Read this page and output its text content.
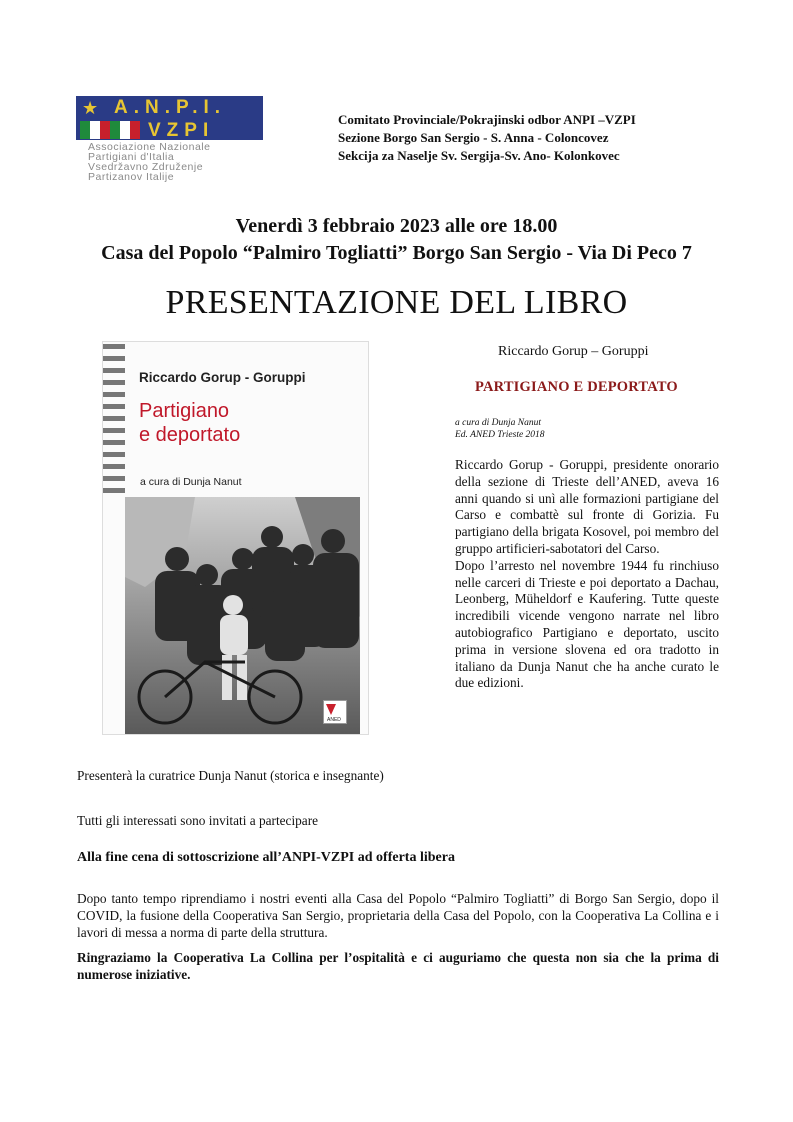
★ A.N.P.I.
VZPI
Associazione Nazionale
Partigiani d'Italia
Vsedržavno Združenje
Partizanov Italije
Comitato Provinciale/Pokrajinski odbor ANPI –VZPI
Sezione Borgo San Sergio - S. Anna - Coloncovez
Sekcija za Naselje Sv. Sergija-Sv. Ano- Kolonkovec
Venerdì 3 febbraio 2023 alle ore 18.00
Casa del Popolo “Palmiro Togliatti” Borgo San Sergio - Via Di Peco 7
PRESENTAZIONE DEL LIBRO
Riccardo Gorup - Goruppi
Partigiano
e deportato
a cura di Dunja Nanut
ANED
Riccardo Gorup – Goruppi
PARTIGIANO E DEPORTATO
a cura di Dunja Nanut
Ed. ANED Trieste 2018

Riccardo Gorup - Goruppi, presidente onorario della sezione di Trieste dell’ANED, aveva 16 anni quando si unì alle formazioni partigiane del Carso e combattè sul fronte di Gorizia. Fu partigiano della brigata Kosovel, poi membro del gruppo artificieri-sabotatori del Carso.

Dopo l’arresto nel novembre 1944 fu rinchiuso nelle carceri di Trieste e poi deportato a Dachau, Leonberg, Müheldorf e Kaufering. Tutte queste incredibili vicende vengono narrate nel libro autobiografico Partigiano e deportato, uscito prima in versione slovena ed ora tradotto in italiano da Dunja Nanut che ha anche curato le due edizioni.

Presenterà la curatrice Dunja Nanut (storica e insegnante)
Tutti gli interessati sono invitati a partecipare
Alla fine cena di sottoscrizione all’ANPI-VZPI ad offerta libera
Dopo tanto tempo riprendiamo i nostri eventi alla Casa del Popolo “Palmiro Togliatti” di Borgo San Sergio, dopo il COVID, la fusione della Cooperativa San Sergio, proprietaria della Casa del Popolo, con la Cooperativa La Collina e i lavori di messa a norma di parte della struttura.
Ringraziamo la Cooperativa La Collina per l’ospitalità e ci auguriamo che questa non sia che la prima di numerose iniziative.
